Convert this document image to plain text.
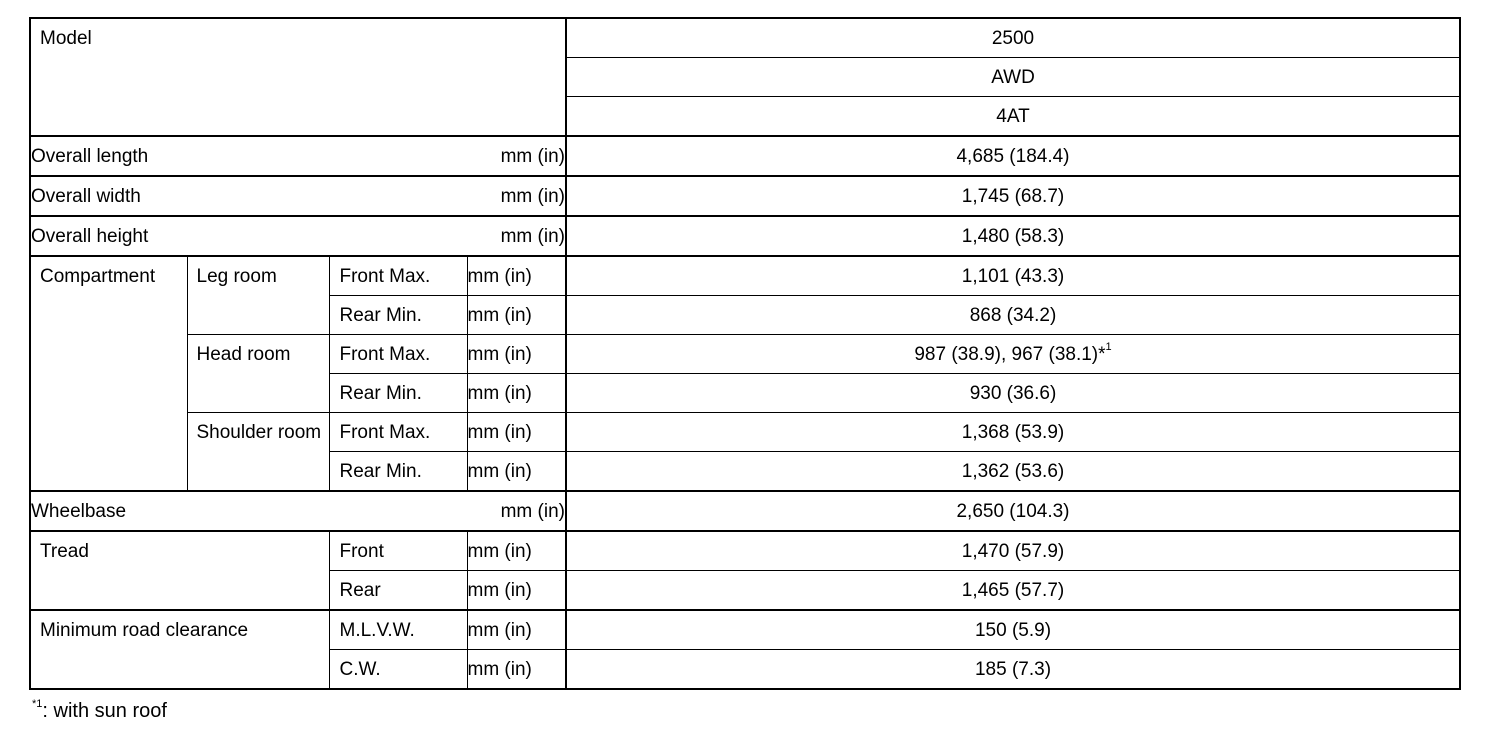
Model				2500
				AWD
				4AT

Overall length mm (in)				4,685 (184.4)

Overall width mm (in)				1,745 (68.7)

Overall height mm (in)				1,480 (58.3)
Compartment	Leg room	Front Max.	mm (in)	1,101 (43.3)
		Rear Min.	mm (in)	868 (34.2)
	Head room	Front Max.	mm (in)	987 (38.9), 967 (38.1)*$^1$
		Rear Min.	mm (in)	930 (36.6)
	Shoulder room	Front Max.	mm (in)	1,368 (53.9)
		Rear Min.	mm (in)	1,362 (53.6)

Wheelbase mm (in)				2,650 (104.3)
Tread		Front	mm (in)	1,470 (57.9)
		Rear	mm (in)	1,465 (57.7)
Minimum road clearance		M.L.V.W.	mm (in)	150 (5.9)
		C.W.	mm (in)	185 (7.3)
$^{*1}$: with sun roof
